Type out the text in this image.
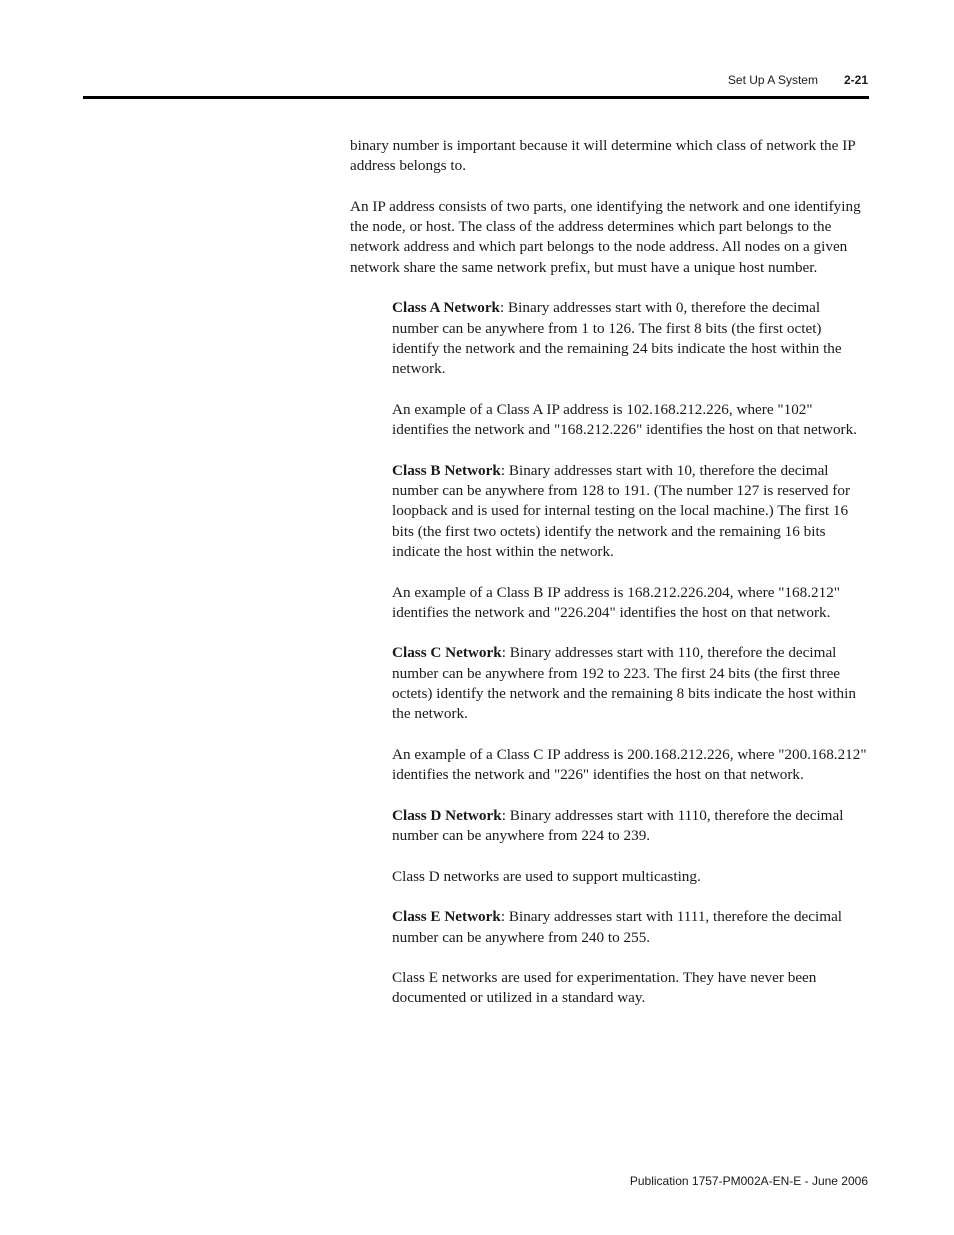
Set Up A System 2-21

binary number is important because it will determine which class of network the IP address belongs to.

An IP address consists of two parts, one identifying the network and one identifying the node, or host. The class of the address determines which part belongs to the network address and which part belongs to the node address. All nodes on a given network share the same network prefix, but must have a unique host number.

Class A Network: Binary addresses start with 0, therefore the decimal number can be anywhere from 1 to 126. The first 8 bits (the first octet) identify the network and the remaining 24 bits indicate the host within the network.

An example of a Class A IP address is 102.168.212.226, where "102" identifies the network and "168.212.226" identifies the host on that network.

Class B Network: Binary addresses start with 10, therefore the decimal number can be anywhere from 128 to 191. (The number 127 is reserved for loopback and is used for internal testing on the local machine.) The first 16 bits (the first two octets) identify the network and the remaining 16 bits indicate the host within the network.

An example of a Class B IP address is 168.212.226.204, where "168.212" identifies the network and "226.204" identifies the host on that network.

Class C Network: Binary addresses start with 110, therefore the decimal number can be anywhere from 192 to 223. The first 24 bits (the first three octets) identify the network and the remaining 8 bits indicate the host within the network.

An example of a Class C IP address is 200.168.212.226, where "200.168.212" identifies the network and "226" identifies the host on that network.

Class D Network: Binary addresses start with 1110, therefore the decimal number can be anywhere from 224 to 239.

Class D networks are used to support multicasting.

Class E Network: Binary addresses start with 1111, therefore the decimal number can be anywhere from 240 to 255.

Class E networks are used for experimentation. They have never been documented or utilized in a standard way.

Publication 1757-PM002A-EN-E - June 2006
